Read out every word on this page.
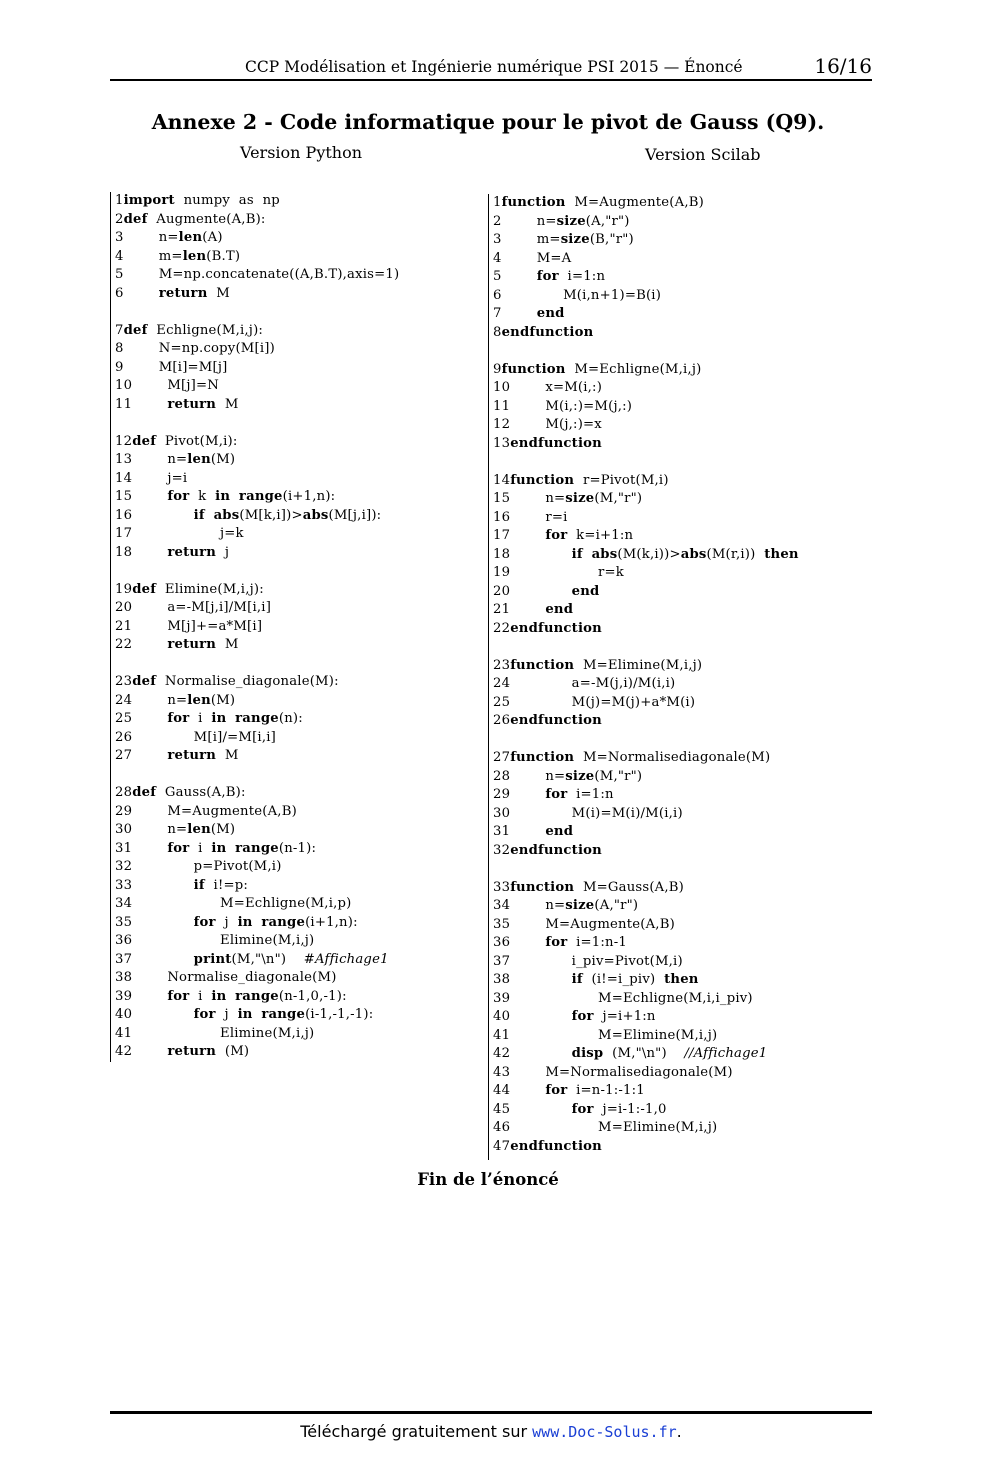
CCP Modélisation et Ingénierie numérique PSI 2015 — Énoncé	16/16
Annexe 2 - Code informatique pour le pivot de Gauss (Q9).
Version Python	Version Scilab
1import  numpy  as  np
2def  Augmente(A,B):
3        n=len(A)
4        m=len(B.T)
5        M=np.concatenate((A,B.T),axis=1)
6        return  M

7def  Echligne(M,i,j):
8        N=np.copy(M[i])
9        M[i]=M[j]
10        M[j]=N
11        return  M

12def  Pivot(M,i):
13        n=len(M)
14        j=i
15        for  k  in range(i+1,n):
16              if abs(M[k,i])>abs(M[j,i]):
17                    j=k
18        return  j

19def  Elimine(M,i,j):
20        a=-M[j,i]/M[i,i]
21        M[j]+=a*M[i]
22        return  M

23def  Normalise_diagonale(M):
24        n=len(M)
25        for  i  in range(n):
26              M[i]/=M[i,i]
27        return  M

28def  Gauss(A,B):
29        M=Augmente(A,B)
30        n=len(M)
31        for  i  in range(n-1):
32              p=Pivot(M,i)
33              if  i!=p:
34                    M=Echligne(M,i,p)
35              for  j  in range(i+1,n):
36                    Elimine(M,i,j)
37              print(M,"\n")    #Affichage1
38        Normalise_diagonale(M)
39        for  i  in range(n-1,0,-1):
40              for  j  in range(i-1,-1,-1):
41                    Elimine(M,i,j)
42        return  (M)
1function  M=Augmente(A,B)
2        n=size(A,"r")
3        m=size(B,"r")
4        M=A
5        for  i=1:n
6              M(i,n+1)=B(i)
7        end
8endfunction

9function  M=Echligne(M,i,j)
10        x=M(i,:)
11        M(i,:)=M(j,:)
12        M(j,:)=x
13endfunction

14function  r=Pivot(M,i)
15        n=size(M,"r")
16        r=i
17        for  k=i+1:n
18              if abs(M(k,i))>abs(M(r,i))  then
19                    r=k
20              end
21        end
22endfunction

23function  M=Elimine(M,i,j)
24              a=-M(j,i)/M(i,i)
25              M(j)=M(j)+a*M(i)
26endfunction

27function  M=Normalisediagonale(M)
28        n=size(M,"r")
29        for  i=1:n
30              M(i)=M(i)/M(i,i)
31        end
32endfunction

33function  M=Gauss(A,B)
34        n=size(A,"r")
35        M=Augmente(A,B)
36        for  i=1:n-1
37              i_piv=Pivot(M,i)
38              if  (i!=i_piv)  then
39                    M=Echligne(M,i,i_piv)
40              for  j=i+1:n
41                    M=Elimine(M,i,j)
42              disp  (M,"\n")    //Affichage1
43        M=Normalisediagonale(M)
44        for  i=n-1:-1:1
45              for  j=i-1:-1,0
46                    M=Elimine(M,i,j)
47endfunction
Fin de l’énoncé
Téléchargé gratuitement sur www.Doc-Solus.fr.
